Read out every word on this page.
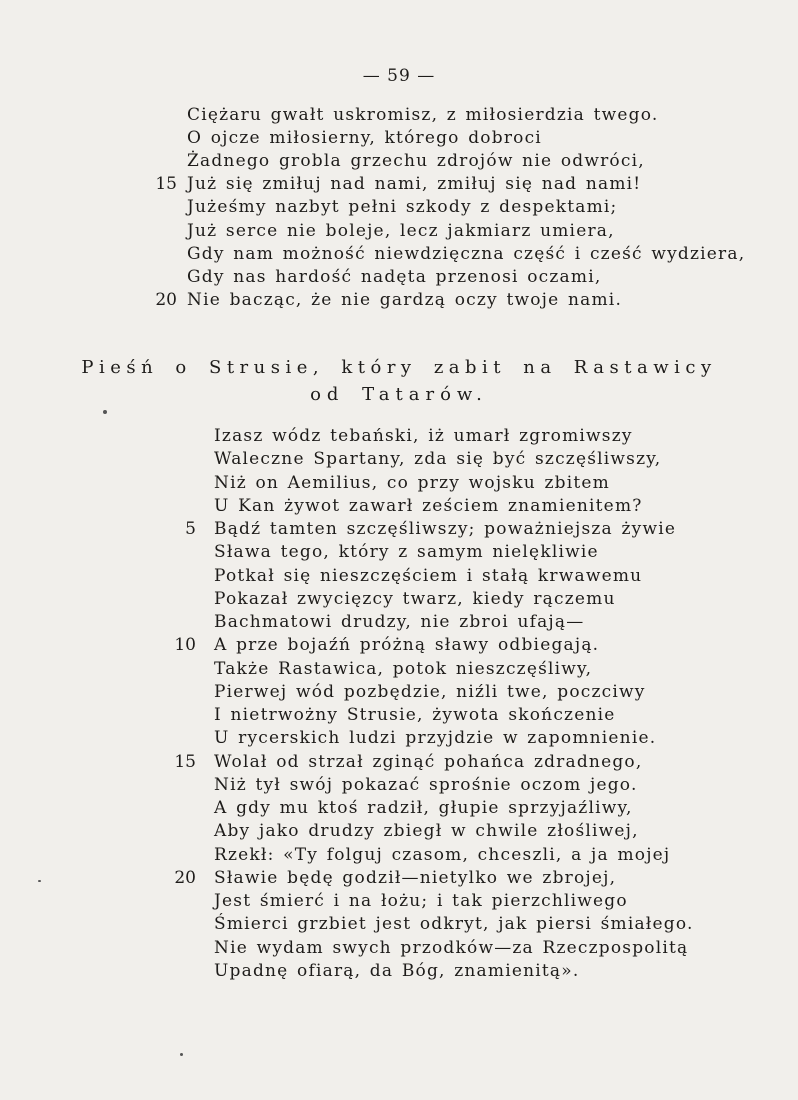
— 59 —
Ciężaru gwałt uskromisz, z miłosierdzia twego.
O ojcze miłosierny, którego dobroci
Żadnego grobla grzechu zdrojów nie odwróci,
Już się zmiłuj nad nami, zmiłuj się nad nami!
15
Jużeśmy nazbyt pełni szkody z despektami;
Już serce nie boleje, lecz jakmiarz umiera,
Gdy nam możność niewdzięczna część i cześć wydziera,
Gdy nas hardość nadęta przenosi oczami,
Nie bacząc, że nie gardzą oczy twoje nami.
20
Pieśń o Strusie, który zabit na Rastawicy
od Tatarów.
Izasz wódz tebański, iż umarł zgromiwszy
Waleczne Spartany, zda się być szczęśliwszy,
Niż on Aemilius, co przy wojsku zbitem
U Kan żywot zawarł ześciem znamienitem?
Bądź tamten szczęśliwszy; poważniejsza żywie
5
Sława tego, który z samym nielękliwie
Potkał się nieszczęściem i stałą krwawemu
Pokazał zwycięzcy twarz, kiedy rączemu
Bachmatowi drudzy, nie zbroi ufają—
A prze bojaźń próżną sławy odbiegają.
10
Także Rastawica, potok nieszczęśliwy,
Pierwej wód pozbędzie, niźli twe, poczciwy
I nietrwożny Strusie, żywota skończenie
U rycerskich ludzi przyjdzie w zapomnienie.
Wolał od strzał zginąć pohańca zdradnego,
15
Niż tył swój pokazać sprośnie oczom jego.
A gdy mu ktoś radził, głupie sprzyjaźliwy,
Aby jako drudzy zbiegł w chwile złośliwej,
Rzekł: «Ty folguj czasom, chceszli, a ja mojej
Sławie będę godził—nietylko we zbrojej,
20
Jest śmierć i na łożu; i tak pierzchliwego
Śmierci grzbiet jest odkryt, jak piersi śmiałego.
Nie wydam swych przodków—za Rzeczpospolitą
Upadnę ofiarą, da Bóg, znamienitą».
